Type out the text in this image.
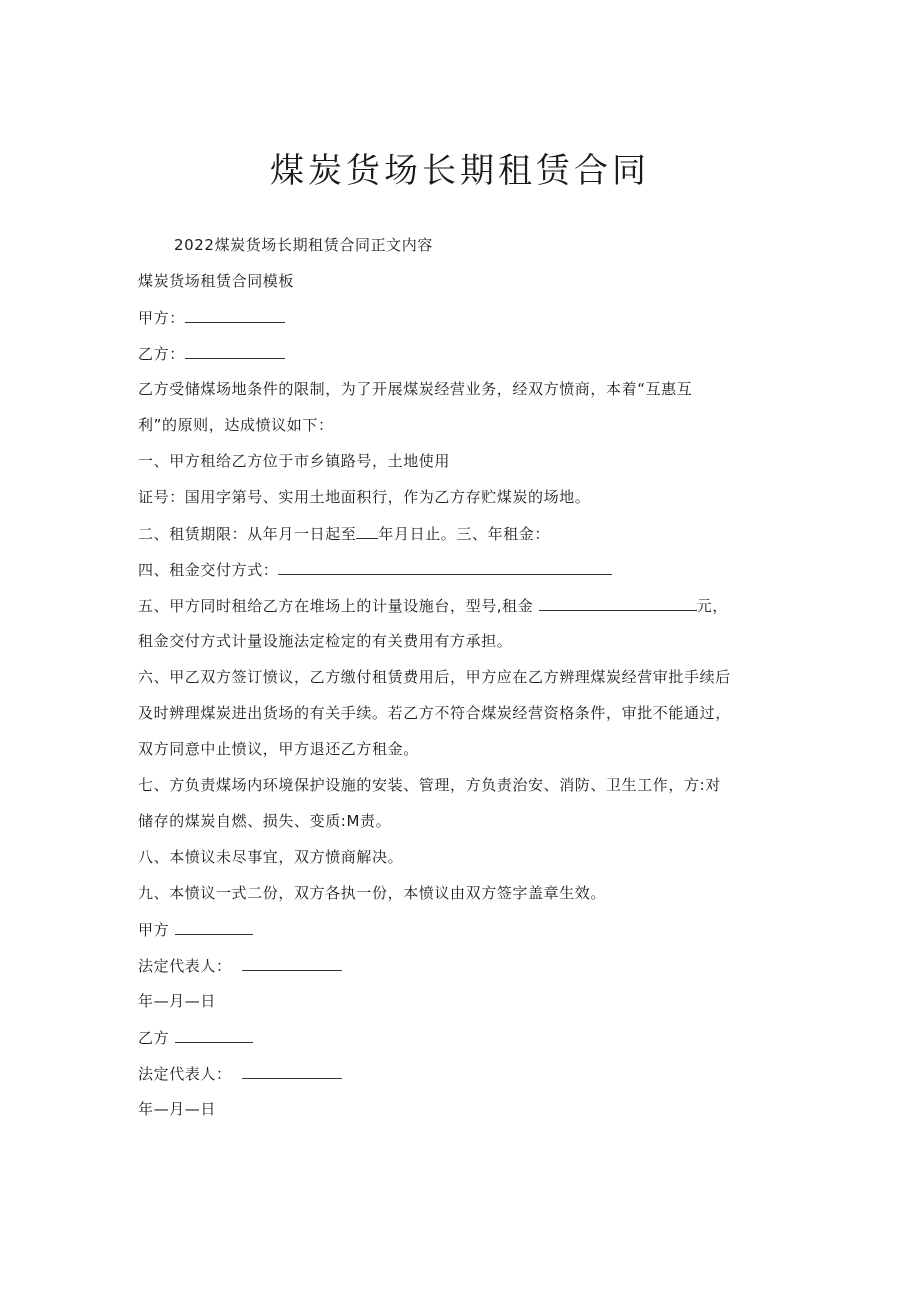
煤炭货场长期租赁合同
2022煤炭货场长期租赁合同正文内容
煤炭货场租赁合同模板
甲方：
乙方：
乙方受储煤场地条件的限制，为了开展煤炭经营业务，经双方愤商，本着“互惠互
利”的原则，达成愤议如下：
一、甲方租给乙方位于市乡镇路号，土地使用
证号：国用字第号、实用土地面积行，作为乙方存贮煤炭的场地。
二、租赁期限：从年月一日起至 年月日止。三、年租金：
四、租金交付方式：
五、甲方同时租给乙方在堆场上的计量设施台，型号,租金	元，
租金交付方式计量设施法定检定的有关费用有方承担。
六、甲乙双方签订愤议，乙方缴付租赁费用后，甲方应在乙方辨理煤炭经营审批手续后
及时辨理煤炭进出货场的有关手续。若乙方不符合煤炭经营资格条件，审批不能通过，
双方同意中止愤议，甲方退还乙方租金。
七、方负责煤场内环境保护设施的安装、管理，方负责治安、消防、卫生工作，方:对
储存的煤炭自燃、损失、变质:M责。
八、本愤议未尽事宜，双方愤商解决。
九、本愤议一式二份，双方各执一份，本愤议由双方签字盖章生效。
甲方
法定代表人：
年—月—日
乙方
法定代表人：
年—月—日
